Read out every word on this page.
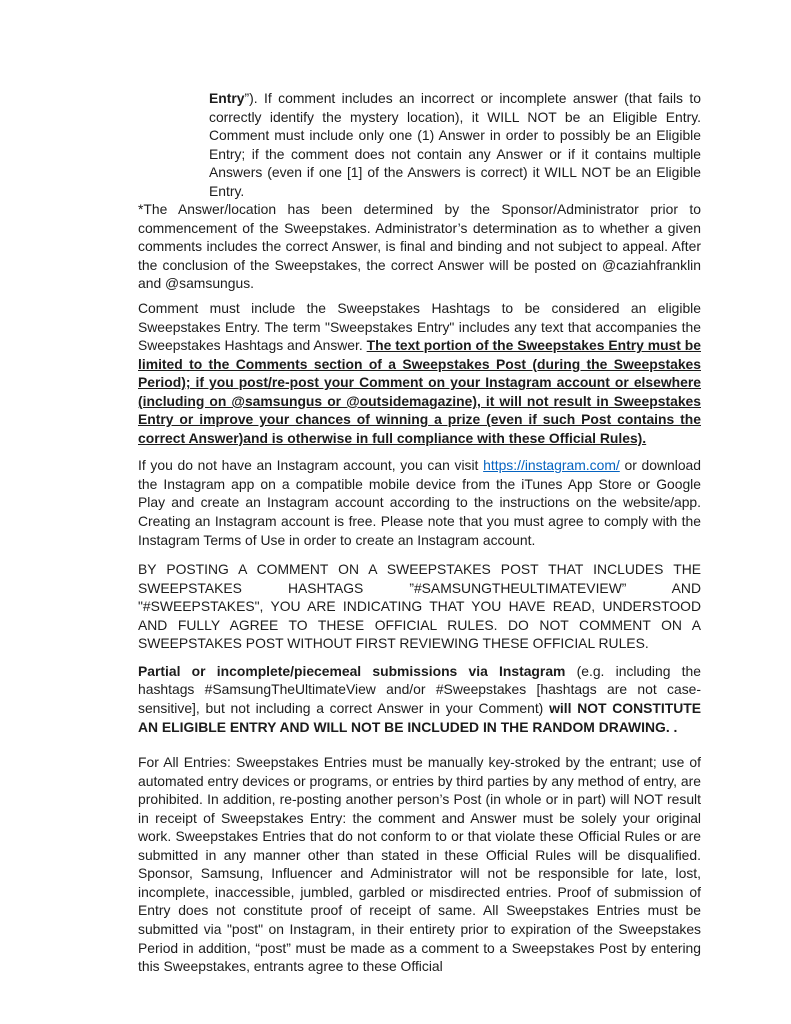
Entry”). If comment includes an incorrect or incomplete answer (that fails to correctly identify the mystery location), it WILL NOT be an Eligible Entry. Comment must include only one (1) Answer in order to possibly be an Eligible Entry; if the comment does not contain any Answer or if it contains multiple Answers (even if one [1] of the Answers is correct) it WILL NOT be an Eligible Entry.

*The Answer/location has been determined by the Sponsor/Administrator prior to commencement of the Sweepstakes. Administrator’s determination as to whether a given comments includes the correct Answer, is final and binding and not subject to appeal. After the conclusion of the Sweepstakes, the correct Answer will be posted on @caziahfranklin and @samsungus.

Comment must include the Sweepstakes Hashtags to be considered an eligible Sweepstakes Entry. The term "Sweepstakes Entry" includes any text that accompanies the Sweepstakes Hashtags and Answer. The text portion of the Sweepstakes Entry must be limited to the Comments section of a Sweepstakes Post (during the Sweepstakes Period); if you post/re-post your Comment on your Instagram account or elsewhere (including on @samsungus or @outsidemagazine), it will not result in Sweepstakes Entry or improve your chances of winning a prize (even if such Post contains the correct Answer)and is otherwise in full compliance with these Official Rules).

If you do not have an Instagram account, you can visit https://instagram.com/ or download the Instagram app on a compatible mobile device from the iTunes App Store or Google Play and create an Instagram account according to the instructions on the website/app. Creating an Instagram account is free. Please note that you must agree to comply with the Instagram Terms of Use in order to create an Instagram account.

BY POSTING A COMMENT ON A SWEEPSTAKES POST THAT INCLUDES THE SWEEPSTAKES HASHTAGS ”#SAMSUNGTHEULTIMATEVIEW” AND "#SWEEPSTAKES", YOU ARE INDICATING THAT YOU HAVE READ, UNDERSTOOD AND FULLY AGREE TO THESE OFFICIAL RULES. DO NOT COMMENT ON A SWEEPSTAKES POST WITHOUT FIRST REVIEWING THESE OFFICIAL RULES.

Partial or incomplete/piecemeal submissions via Instagram (e.g. including the hashtags #SamsungTheUltimateView and/or #Sweepstakes [hashtags are not case-sensitive], but not including a correct Answer in your Comment) will NOT CONSTITUTE AN ELIGIBLE ENTRY AND WILL NOT BE INCLUDED IN THE RANDOM DRAWING. .

For All Entries: Sweepstakes Entries must be manually key-stroked by the entrant; use of automated entry devices or programs, or entries by third parties by any method of entry, are prohibited. In addition, re-posting another person’s Post (in whole or in part) will NOT result in receipt of Sweepstakes Entry: the comment and Answer must be solely your original work. Sweepstakes Entries that do not conform to or that violate these Official Rules or are submitted in any manner other than stated in these Official Rules will be disqualified. Sponsor, Samsung, Influencer and Administrator will not be responsible for late, lost, incomplete, inaccessible, jumbled, garbled or misdirected entries. Proof of submission of Entry does not constitute proof of receipt of same. All Sweepstakes Entries must be submitted via "post" on Instagram, in their entirety prior to expiration of the Sweepstakes Period in addition, “post” must be made as a comment to a Sweepstakes Post by entering this Sweepstakes, entrants agree to these Official
